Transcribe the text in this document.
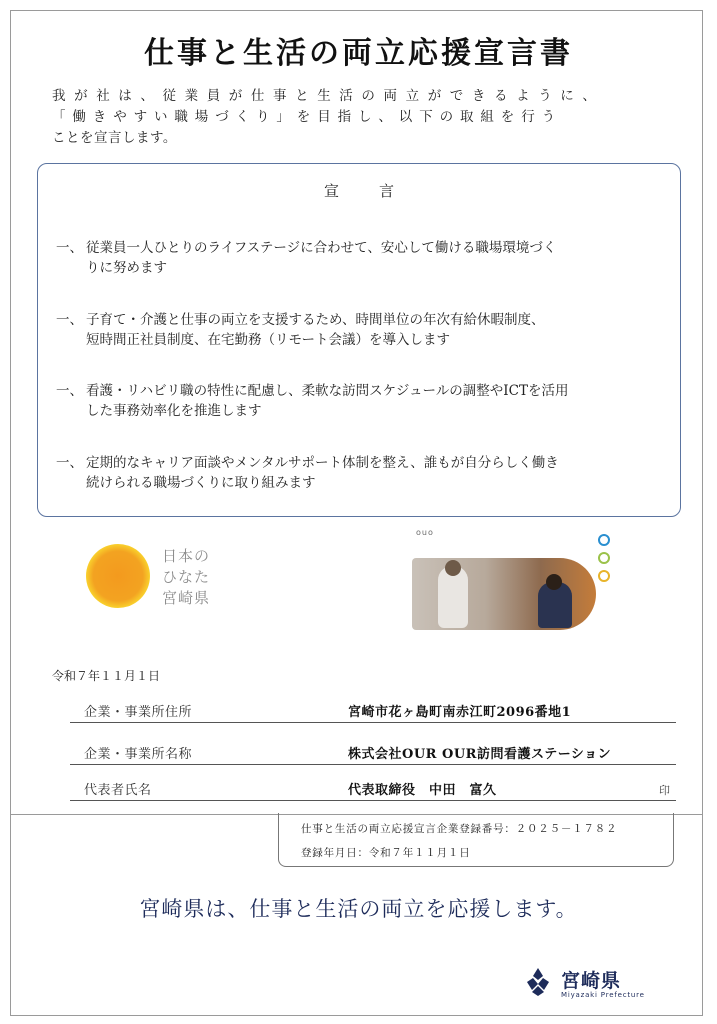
仕事と生活の両立応援宣言書
我が社は、従業員が仕事と生活の両立ができるように、
「働きやすい職場づくり」を目指し、以下の取組を行う
ことを宣言します。
宣言
一、 従業員一人ひとりのライフステージに合わせて、安心して働ける職場環境づく
りに努めます
一、 子育て・介護と仕事の両立を支援するため、時間単位の年次有給休暇制度、
短時間正社員制度、在宅勤務（リモート会議）を導入します
一、 看護・リハビリ職の特性に配慮し、柔軟な訪問スケジュールの調整やICTを活用
した事務効率化を推進します
一、 定期的なキャリア面談やメンタルサポート体制を整え、誰もが自分らしく働き
続けられる職場づくりに取り組みます
日本の
ひなた
宮崎県
ouo
令和７年１１月１日
企業・事業所住所	宮崎市花ヶ島町南赤江町2096番地1
企業・事業所名称	株式会社OUR OUR訪問看護ステーション
代表者氏名	代表取締役　中田　富久	印
仕事と生活の両立応援宣言企業登録番号：２０２５－１７８２
登録年月日：令和７年１１月１日
宮崎県は、仕事と生活の両立を応援します。
宮崎県
Miyazaki Prefecture
